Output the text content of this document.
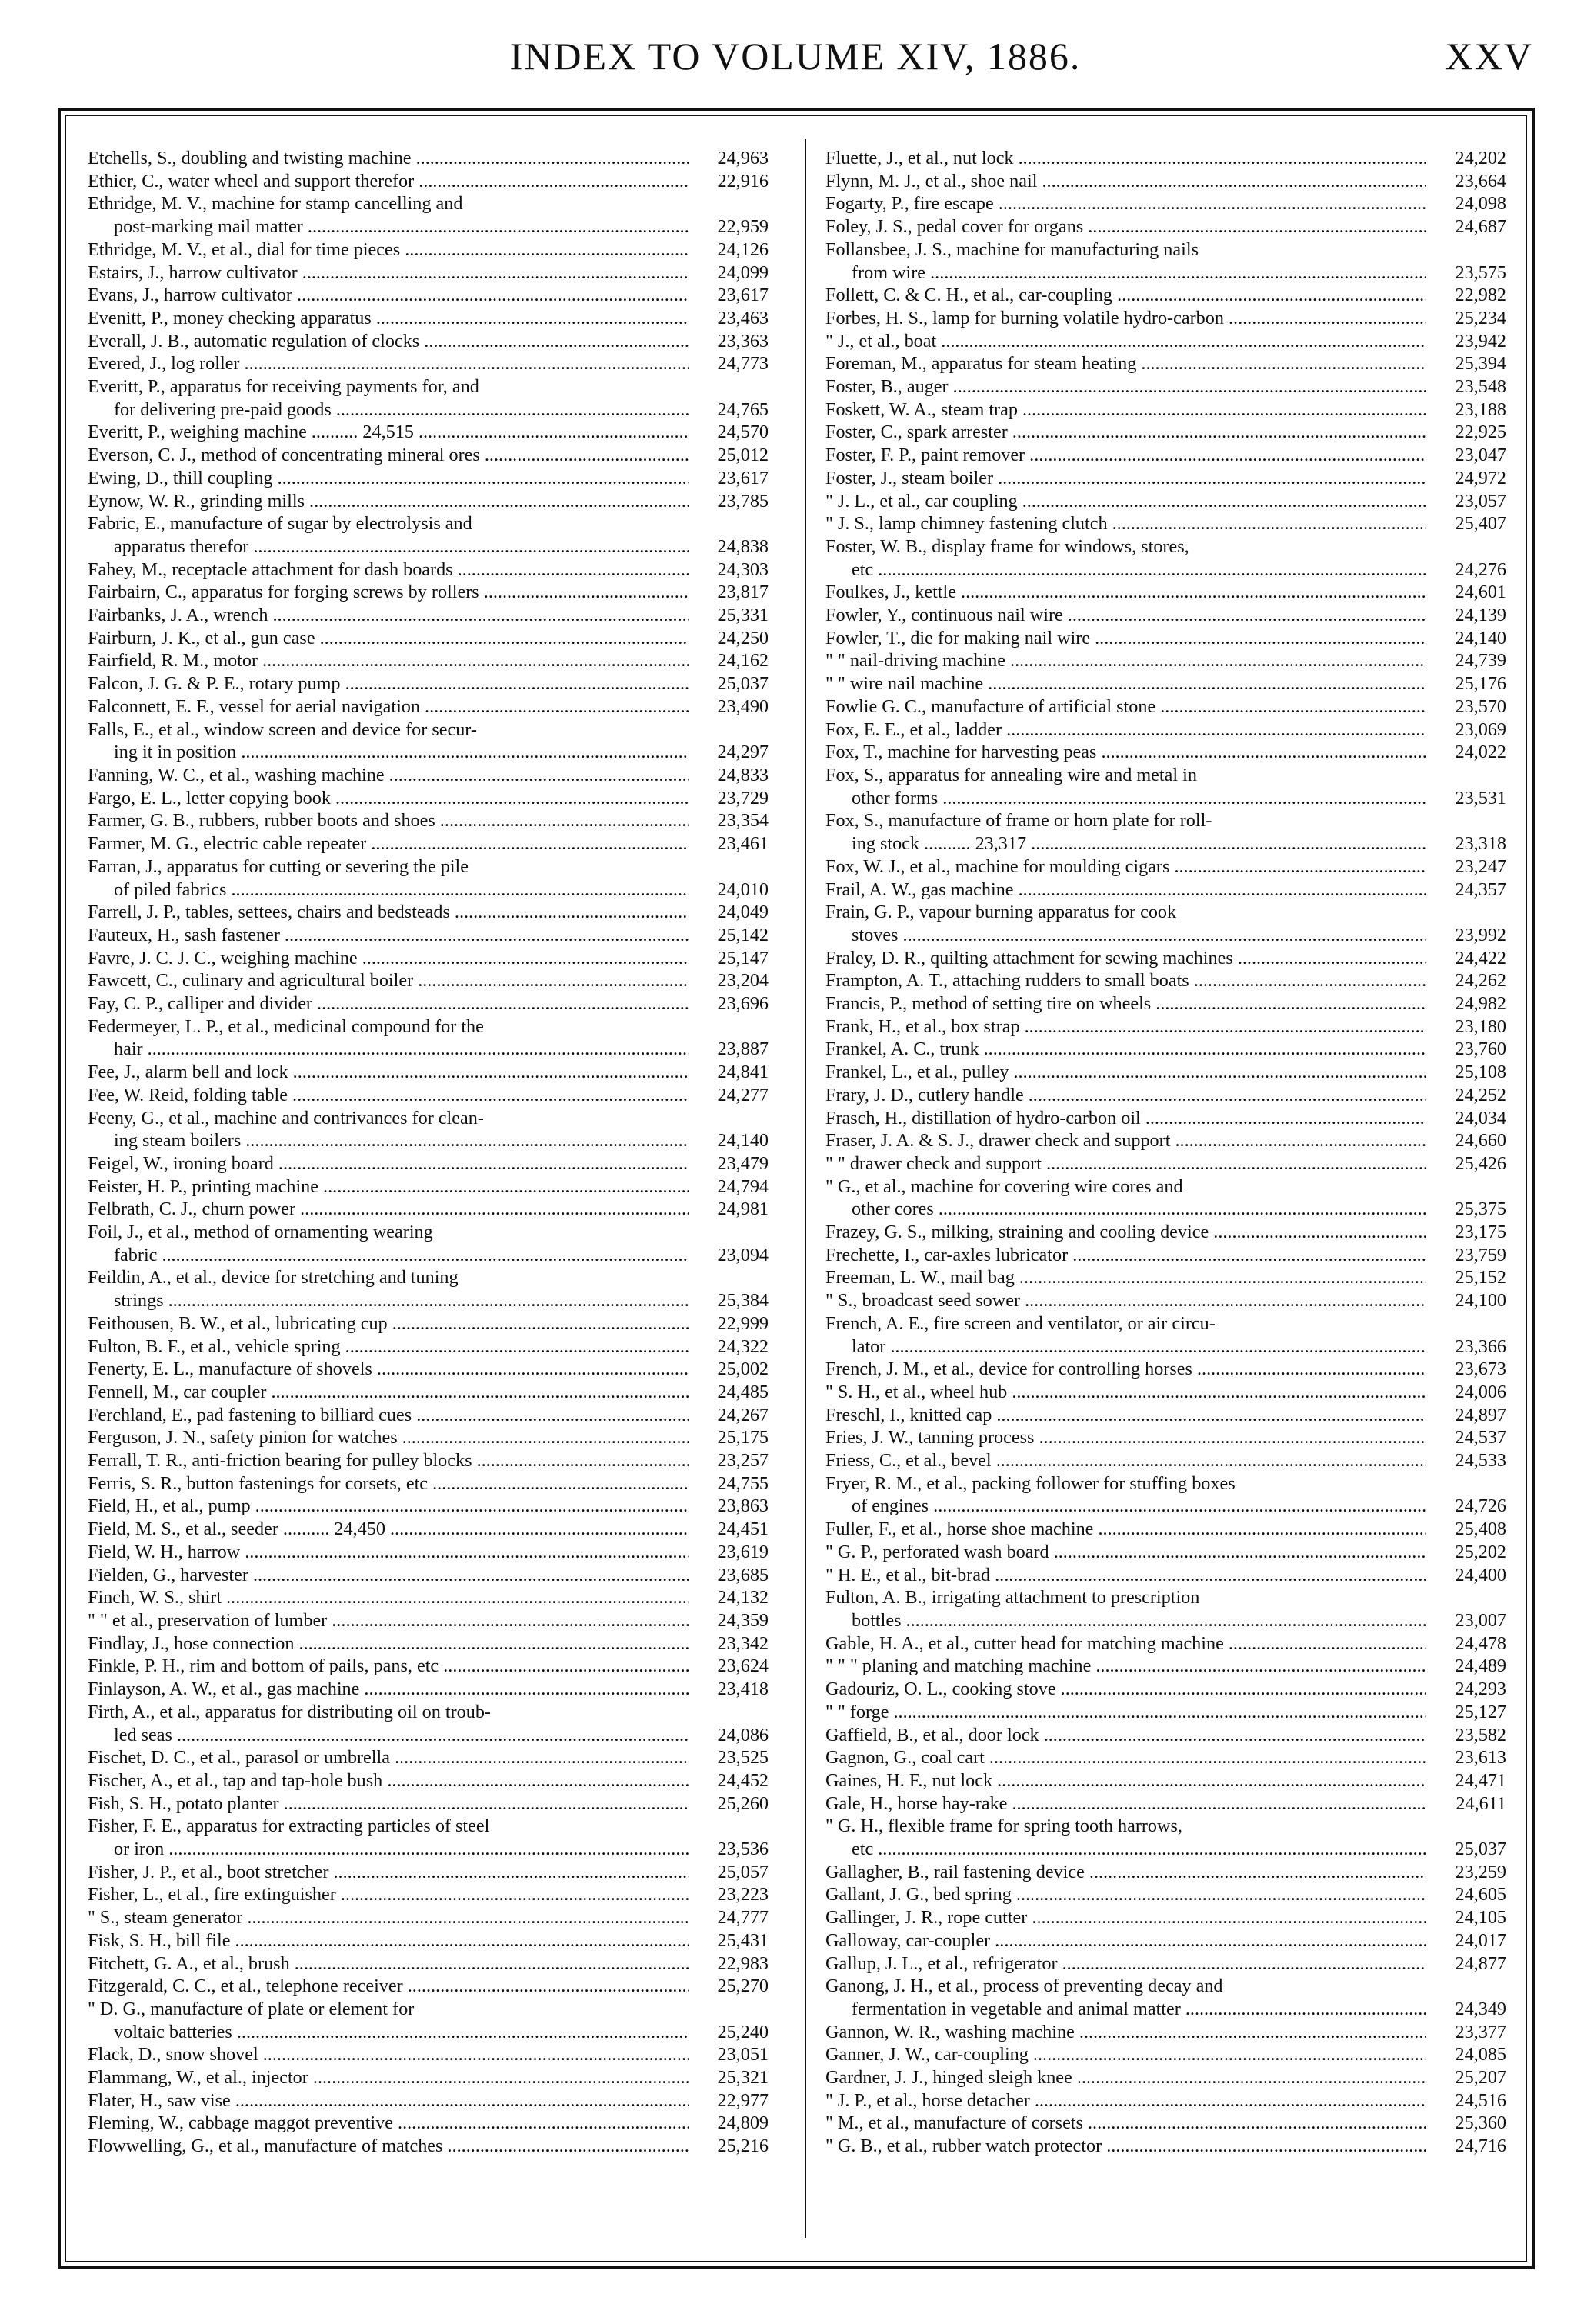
INDEX TO VOLUME XIV, 1886.	XXV
Etchells, S., doubling and twisting machine .....	24,963
Ethier, C., water wheel and support therefor .....	22,916
Ethridge, M. V., machine for stamp cancelling and
post-marking mail matter .....	22,959
Ethridge, M. V., et al., dial for time pieces .....	24,126
Estairs, J., harrow cultivator .....	24,099
Evans, J., harrow cultivator .....	23,617
Evenitt, P., money checking apparatus .....	23,463
Everall, J. B., automatic regulation of clocks .....	23,363
Evered, J., log roller .....	24,773
Everitt, P., apparatus for receiving payments for, and
for delivering pre-paid goods .....	24,765
Everitt, P., weighing machine .......... 24,515 .....	24,570
Everson, C. J., method of concentrating mineral ores .....	25,012
Ewing, D., thill coupling .....	23,617
Eynow, W. R., grinding mills .....	23,785
Fabric, E., manufacture of sugar by electrolysis and
apparatus therefor .....	24,838
Fahey, M., receptacle attachment for dash boards .....	24,303
Fairbairn, C., apparatus for forging screws by rollers .....	23,817
Fairbanks, J. A., wrench .....	25,331
Fairburn, J. K., et al., gun case .....	24,250
Fairfield, R. M., motor .....	24,162
Falcon, J. G. & P. E., rotary pump .....	25,037
Falconnett, E. F., vessel for aerial navigation .....	23,490
Falls, E., et al., window screen and device for secur-
ing it in position .....	24,297
Fanning, W. C., et al., washing machine .....	24,833
Fargo, E. L., letter copying book .....	23,729
Farmer, G. B., rubbers, rubber boots and shoes .....	23,354
Farmer, M. G., electric cable repeater .....	23,461
Farran, J., apparatus for cutting or severing the pile
of piled fabrics .....	24,010
Farrell, J. P., tables, settees, chairs and bedsteads .....	24,049
Fauteux, H., sash fastener .....	25,142
Favre, J. C. J. C., weighing machine .....	25,147
Fawcett, C., culinary and agricultural boiler .....	23,204
Fay, C. P., calliper and divider .....	23,696
Federmeyer, L. P., et al., medicinal compound for the
hair .....	23,887
Fee, J., alarm bell and lock .....	24,841
Fee, W. Reid, folding table .....	24,277
Feeny, G., et al., machine and contrivances for clean-
ing steam boilers .....	24,140
Feigel, W., ironing board .....	23,479
Feister, H. P., printing machine .....	24,794
Felbrath, C. J., churn power .....	24,981
Foil, J., et al., method of ornamenting wearing
fabric .....	23,094
Feildin, A., et al., device for stretching and tuning
strings .....	25,384
Feithousen, B. W., et al., lubricating cup .....	22,999
Fulton, B. F., et al., vehicle spring .....	24,322
Fenerty, E. L., manufacture of shovels .....	25,002
Fennell, M., car coupler .....	24,485
Ferchland, E., pad fastening to billiard cues .....	24,267
Ferguson, J. N., safety pinion for watches .....	25,175
Ferrall, T. R., anti-friction bearing for pulley blocks .....	23,257
Ferris, S. R., button fastenings for corsets, etc .....	24,755
Field, H., et al., pump .....	23,863
Field, M. S., et al., seeder .......... 24,450 .....	24,451
Field, W. H., harrow .....	23,619
Fielden, G., harvester .....	23,685
Finch, W. S., shirt .....	24,132
" " et al., preservation of lumber .....	24,359
Findlay, J., hose connection .....	23,342
Finkle, P. H., rim and bottom of pails, pans, etc .....	23,624
Finlayson, A. W., et al., gas machine .....	23,418
Firth, A., et al., apparatus for distributing oil on troub-
led seas .....	24,086
Fischet, D. C., et al., parasol or umbrella .....	23,525
Fischer, A., et al., tap and tap-hole bush .....	24,452
Fish, S. H., potato planter .....	25,260
Fisher, F. E., apparatus for extracting particles of steel
or iron .....	23,536
Fisher, J. P., et al., boot stretcher .....	25,057
Fisher, L., et al., fire extinguisher .....	23,223
" S., steam generator .....	24,777
Fisk, S. H., bill file .....	25,431
Fitchett, G. A., et al., brush .....	22,983
Fitzgerald, C. C., et al., telephone receiver .....	25,270
" D. G., manufacture of plate or element for
voltaic batteries .....	25,240
Flack, D., snow shovel .....	23,051
Flammang, W., et al., injector .....	25,321
Flater, H., saw vise .....	22,977
Fleming, W., cabbage maggot preventive .....	24,809
Flowwelling, G., et al., manufacture of matches .....	25,216
Fluette, J., et al., nut lock .....	24,202
Flynn, M. J., et al., shoe nail .....	23,664
Fogarty, P., fire escape .....	24,098
Foley, J. S., pedal cover for organs .....	24,687
Follansbee, J. S., machine for manufacturing nails
from wire .....	23,575
Follett, C. & C. H., et al., car-coupling .....	22,982
Forbes, H. S., lamp for burning volatile hydro-carbon .....	25,234
" J., et al., boat .....	23,942
Foreman, M., apparatus for steam heating .....	25,394
Foster, B., auger .....	23,548
Foskett, W. A., steam trap .....	23,188
Foster, C., spark arrester .....	22,925
Foster, F. P., paint remover .....	23,047
Foster, J., steam boiler .....	24,972
" J. L., et al., car coupling .....	23,057
" J. S., lamp chimney fastening clutch .....	25,407
Foster, W. B., display frame for windows, stores,
etc .....	24,276
Foulkes, J., kettle .....	24,601
Fowler, Y., continuous nail wire .....	24,139
Fowler, T., die for making nail wire .....	24,140
" " nail-driving machine .....	24,739
" " wire nail machine .....	25,176
Fowlie G. C., manufacture of artificial stone .....	23,570
Fox, E. E., et al., ladder .....	23,069
Fox, T., machine for harvesting peas .....	24,022
Fox, S., apparatus for annealing wire and metal in
other forms .....	23,531
Fox, S., manufacture of frame or horn plate for roll-
ing stock .......... 23,317 .....	23,318
Fox, W. J., et al., machine for moulding cigars .....	23,247
Frail, A. W., gas machine .....	24,357
Frain, G. P., vapour burning apparatus for cook
stoves .....	23,992
Fraley, D. R., quilting attachment for sewing machines .....	24,422
Frampton, A. T., attaching rudders to small boats .....	24,262
Francis, P., method of setting tire on wheels .....	24,982
Frank, H., et al., box strap .....	23,180
Frankel, A. C., trunk .....	23,760
Frankel, L., et al., pulley .....	25,108
Frary, J. D., cutlery handle .....	24,252
Frasch, H., distillation of hydro-carbon oil .....	24,034
Fraser, J. A. & S. J., drawer check and support .....	24,660
" " drawer check and support .....	25,426
" G., et al., machine for covering wire cores and
other cores .....	25,375
Frazey, G. S., milking, straining and cooling device .....	23,175
Frechette, I., car-axles lubricator .....	23,759
Freeman, L. W., mail bag .....	25,152
" S., broadcast seed sower .....	24,100
French, A. E., fire screen and ventilator, or air circu-
lator .....	23,366
French, J. M., et al., device for controlling horses .....	23,673
" S. H., et al., wheel hub .....	24,006
Freschl, I., knitted cap .....	24,897
Fries, J. W., tanning process .....	24,537
Friess, C., et al., bevel .....	24,533
Fryer, R. M., et al., packing follower for stuffing boxes
of engines .....	24,726
Fuller, F., et al., horse shoe machine .....	25,408
" G. P., perforated wash board .....	25,202
" H. E., et al., bit-brad .....	24,400
Fulton, A. B., irrigating attachment to prescription
bottles .....	23,007
Gable, H. A., et al., cutter head for matching machine .....	24,478
" " " planing and matching machine .....	24,489
Gadouriz, O. L., cooking stove .....	24,293
" " forge .....	25,127
Gaffield, B., et al., door lock .....	23,582
Gagnon, G., coal cart .....	23,613
Gaines, H. F., nut lock .....	24,471
Gale, H., horse hay-rake .....	24,611
" G. H., flexible frame for spring tooth harrows,
etc .....	25,037
Gallagher, B., rail fastening device .....	23,259
Gallant, J. G., bed spring .....	24,605
Gallinger, J. R., rope cutter .....	24,105
Galloway, car-coupler .....	24,017
Gallup, J. L., et al., refrigerator .....	24,877
Ganong, J. H., et al., process of preventing decay and
fermentation in vegetable and animal matter .....	24,349
Gannon, W. R., washing machine .....	23,377
Ganner, J. W., car-coupling .....	24,085
Gardner, J. J., hinged sleigh knee .....	25,207
" J. P., et al., horse detacher .....	24,516
" M., et al., manufacture of corsets .....	25,360
" G. B., et al., rubber watch protector .....	24,716
